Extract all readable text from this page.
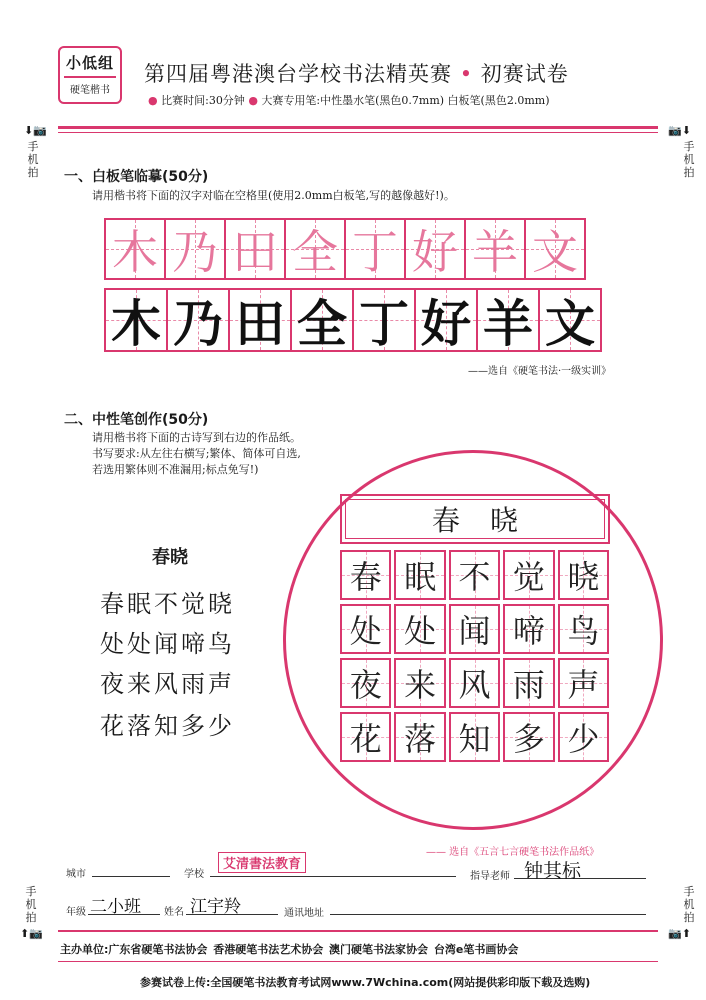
小低组
硬笔楷书
第四届粤港澳台学校书法精英赛 • 初赛试卷
● 比赛时间:30分钟 ● 大赛专用笔:中性墨水笔(黑色0.7mm) 白板笔(黑色2.0mm)
⬇📷
手机拍
📷⬇
手机拍
手机拍
⬆📷
手机拍
📷⬆
一、白板笔临摹(50分)
请用楷书将下面的汉字对临在空格里(使用2.0mm白板笔,写的越像越好!)。
木 乃 田 全 丁 好 羊 文
木 乃 田 全 丁 好 羊 文
——选自《硬笔书法·一级实训》
二、中性笔创作(50分)
请用楷书将下面的古诗写到右边的作品纸。
书写要求:从左往右横写;繁体、简体可自选,
若选用繁体则不准漏用;标点免写!)
春晓
春眠不觉晓
处处闻啼鸟
夜来风雨声
花落知多少
春晓
春 眠 不 觉 晓
处 处 闻 啼 鸟
夜 来 风 雨 声
花 落 知 多 少
—— 选自《五言七言硬笔书法作品纸》
城市	学校
艾清書法教育
指导老师 钟其标
年级 二小班 姓名 江宇羚	通讯地址
主办单位:广东省硬笔书法协会 香港硬笔书法艺术协会 澳门硬笔书法家协会 台湾e笔书画协会
参赛试卷上传:全国硬笔书法教育考试网www.7Wchina.com(网站提供彩印版下载及选购)
